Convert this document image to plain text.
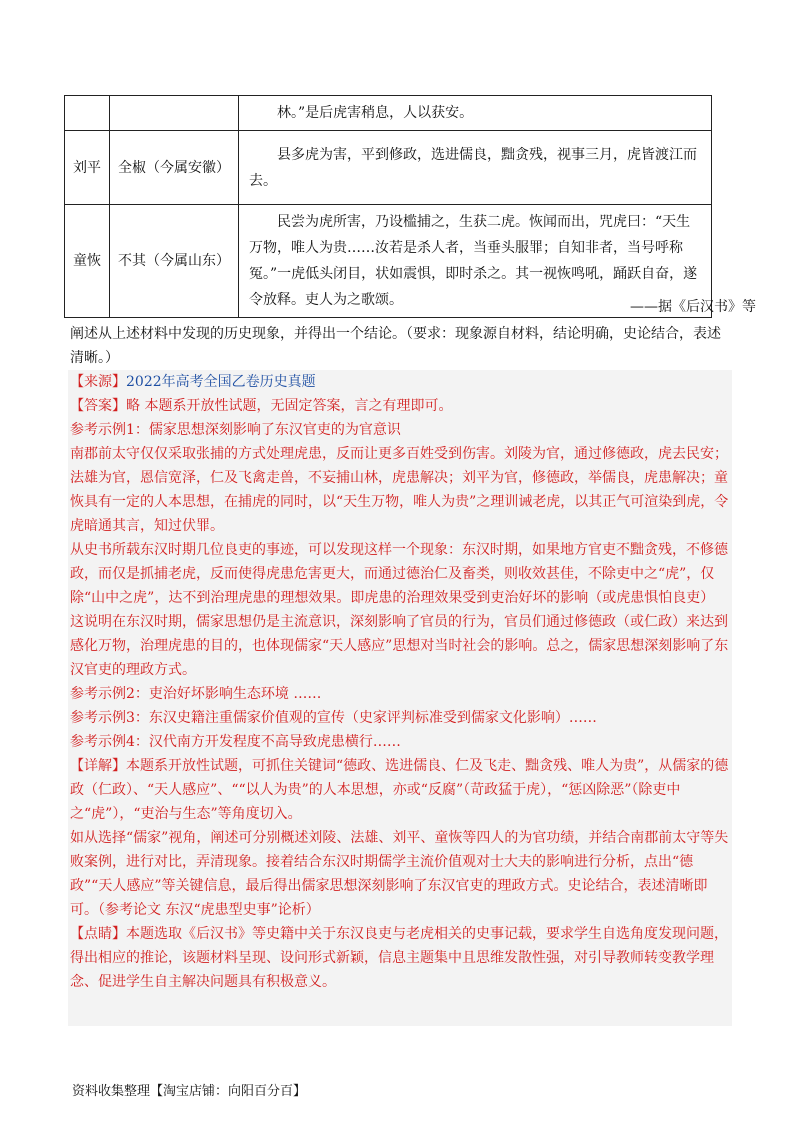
		林。”是后虎害稍息，人以获安。

刘平	全椒（今属安徽）	县多虎为害，平到修政，选进儒良，黜贪残，视事三月，虎皆渡江而去。

童恢	不其（今属山东）	民尝为虎所害，乃设槛捕之，生获二虎。恢闻而出，咒虎曰：“天生万物，唯人为贵……汝若是杀人者，当垂头服罪；自知非者，当号呼称冤。”一虎低头闭目，状如震惧，即时杀之。其一视恢鸣吼，踊跃自奋，遂令放释。吏人为之歌颂。	——据《后汉书》等

阐述从上述材料中发现的历史现象，并得出一个结论。（要求：现象源自材料，结论明确，史论结合，表述清晰。）

【来源】2022年高考全国乙卷历史真题

【答案】略 本题系开放性试题，无固定答案，言之有理即可。

参考示例1：儒家思想深刻影响了东汉官吏的为官意识

南郡前太守仅仅采取张捕的方式处理虎患，反而让更多百姓受到伤害。刘陵为官，通过修德政，虎去民安；法雄为官，恩信宽泽，仁及飞禽走兽，不妄捕山林，虎患解决；刘平为官，修德政，举儒良，虎患解决；童恢具有一定的人本思想，在捕虎的同时，以“天生万物，唯人为贵”之理训诫老虎，以其正气可渲染到虎，令虎暗通其言，知过伏罪。

从史书所载东汉时期几位良吏的事迹，可以发现这样一个现象：东汉时期，如果地方官吏不黜贪残，不修德政，而仅是抓捕老虎，反而使得虎患危害更大，而通过德治仁及畜类，则收效甚佳，不除吏中之“虎”，仅除“山中之虎”，达不到治理虎患的理想效果。即虎患的治理效果受到吏治好坏的影响（或虎患惧怕良吏）

这说明在东汉时期，儒家思想仍是主流意识，深刻影响了官员的行为，官员们通过修德政（或仁政）来达到感化万物，治理虎患的目的，也体现儒家“天人感应”思想对当时社会的影响。总之，儒家思想深刻影响了东汉官吏的理政方式。

参考示例2：吏治好坏影响生态环境 ……

参考示例3：东汉史籍注重儒家价值观的宣传（史家评判标准受到儒家文化影响）……

参考示例4：汉代南方开发程度不高导致虎患横行……

【详解】本题系开放性试题，可抓住关键词“德政、选进儒良、仁及飞走、黜贪残、唯人为贵”，从儒家的德政（仁政）、“天人感应”、““以人为贵”的人本思想，亦或“反腐”（苛政猛于虎），“惩凶除恶”（除吏中之“虎”），“吏治与生态”等角度切入。

如从选择“儒家”视角，阐述可分别概述刘陵、法雄、刘平、童恢等四人的为官功绩，并结合南郡前太守等失败案例，进行对比，弄清现象。接着结合东汉时期儒学主流价值观对士大夫的影响进行分析，点出“德政”“天人感应”等关键信息，最后得出儒家思想深刻影响了东汉官吏的理政方式。史论结合，表述清晰即可。（参考论文 东汉“虎患型史事”论析）

【点睛】本题选取《后汉书》等史籍中关于东汉良吏与老虎相关的史事记载，要求学生自选角度发现问题，得出相应的推论，该题材料呈现、设问形式新颖，信息主题集中且思维发散性强，对引导教师转变教学理念、促进学生自主解决问题具有积极意义。

资料收集整理【淘宝店铺：向阳百分百】
